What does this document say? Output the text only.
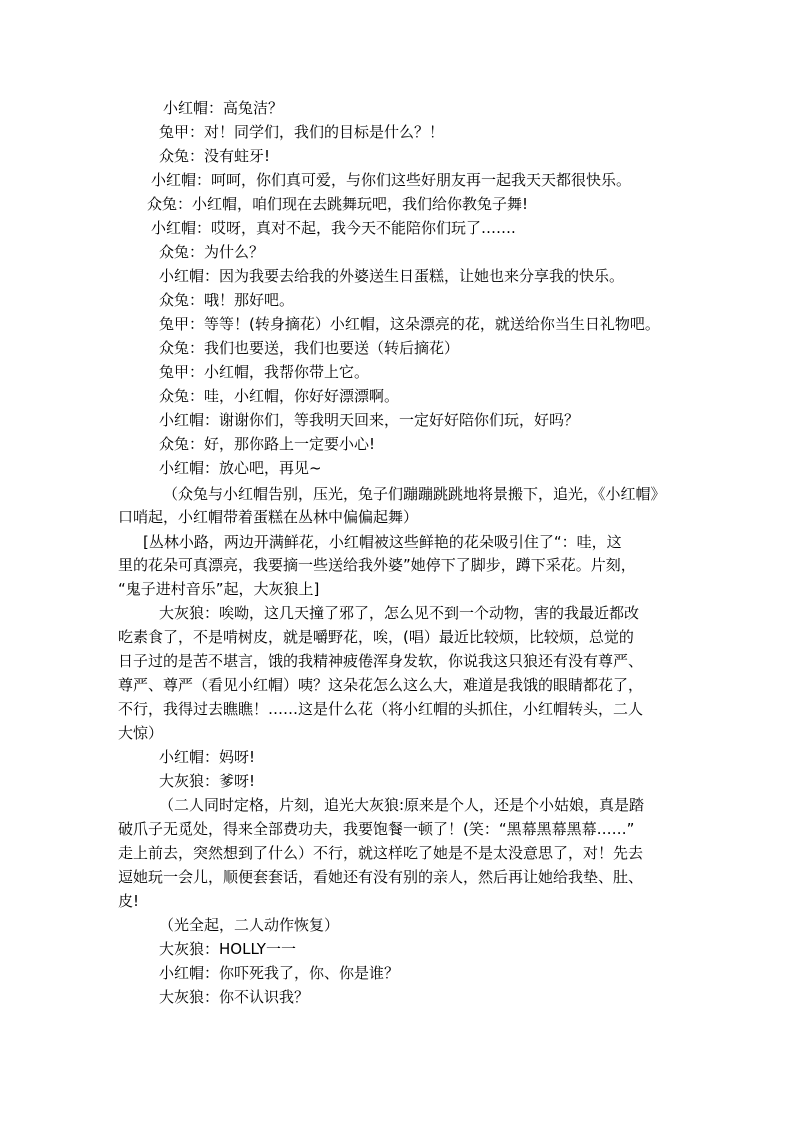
小红帽：高兔洁？
兔甲：对！同学们，我们的目标是什么？！
众兔：没有蛀牙!
小红帽：呵呵，你们真可爱，与你们这些好朋友再一起我天天都很快乐。
众兔：小红帽，咱们现在去跳舞玩吧，我们给你教兔子舞!
小红帽：哎呀，真对不起，我今天不能陪你们玩了…….
众兔：为什么？
小红帽：因为我要去给我的外婆送生日蛋糕，让她也来分享我的快乐。
众兔：哦！那好吧。
兔甲：等等！(转身摘花）小红帽，这朵漂亮的花，就送给你当生日礼物吧。
众兔：我们也要送，我们也要送（转后摘花）
兔甲：小红帽，我帮你带上它。
众兔：哇，小红帽，你好好漂漂啊。
小红帽：谢谢你们，等我明天回来，一定好好陪你们玩，好吗？
众兔：好，那你路上一定要小心!
小红帽：放心吧，再见~
（众兔与小红帽告别，压光，兔子们蹦蹦跳跳地将景搬下，追光，《小红帽》
口哨起，小红帽带着蛋糕在丛林中偏偏起舞）
[丛林小路，两边开满鲜花，小红帽被这些鲜艳的花朵吸引住了“：哇，这
里的花朵可真漂亮，我要摘一些送给我外婆”她停下了脚步，蹲下采花。片刻，
“鬼子进村音乐”起，大灰狼上]
大灰狼：唉呦，这几天撞了邪了，怎么见不到一个动物，害的我最近都改
吃素食了，不是啃树皮，就是嚼野花，唉，(唱）最近比较烦，比较烦，总觉的
日子过的是苦不堪言，饿的我精神疲倦浑身发软，你说我这只狼还有没有尊严、
尊严、尊严（看见小红帽）咦？这朵花怎么这么大，难道是我饿的眼睛都花了，
不行，我得过去瞧瞧！……这是什么花（将小红帽的头抓住，小红帽转头，二人
大惊）
小红帽：妈呀!
大灰狼：爹呀!
（二人同时定格，片刻，追光大灰狼:原来是个人，还是个小姑娘，真是踏
破爪子无觅处，得来全部费功夫，我要饱餐一顿了！(笑：“黑幕黑幕黑幕……”
走上前去，突然想到了什么）不行，就这样吃了她是不是太没意思了，对！先去
逗她玩一会儿，顺便套套话，看她还有没有别的亲人，然后再让她给我垫、肚、
皮!
（光全起，二人动作恢复）
大灰狼：HOLLY一一
小红帽：你吓死我了，你、你是谁？
大灰狼：你不认识我？
